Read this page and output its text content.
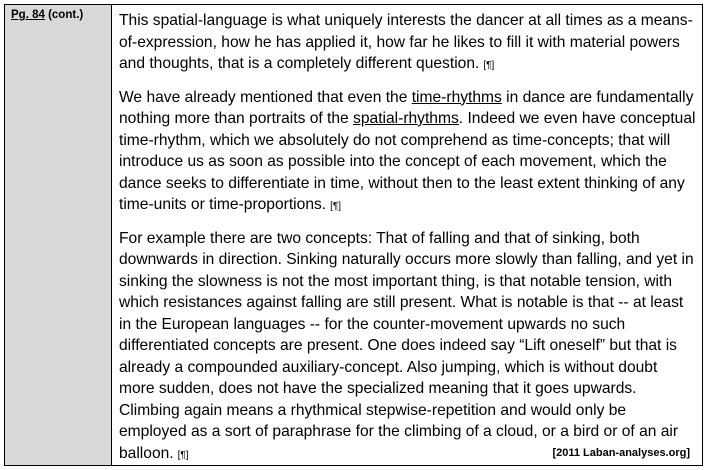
Pg. 84 (cont.)	This spatial-language is what uniquely interests the dancer at all times as a means-of-expression, how he has applied it, how far he likes to fill it with material powers and thoughts, that is a completely different question. [¶]

We have already mentioned that even the time-rhythms in dance are fundamentally nothing more than portraits of the spatial-rhythms. Indeed we even have conceptual time-rhythm, which we absolutely do not comprehend as time-concepts; that will introduce us as soon as possible into the concept of each movement, which the dance seeks to differentiate in time, without then to the least extent thinking of any time-units or time-proportions. [¶]

For example there are two concepts: That of falling and that of sinking, both downwards in direction. Sinking naturally occurs more slowly than falling, and yet in sinking the slowness is not the most important thing, is that notable tension, with which resistances against falling are still present. What is notable is that -- at least in the European languages -- for the counter-movement upwards no such differentiated concepts are present. One does indeed say “Lift oneself” but that is already a compounded auxiliary-concept. Also jumping, which is without doubt more sudden, does not have the specialized meaning that it goes upwards. Climbing again means a rhythmical stepwise-repetition and would only be employed as a sort of paraphrase for the climbing of a cloud, or a bird or of an air balloon. [¶]	[2011 Laban-analyses.org]
